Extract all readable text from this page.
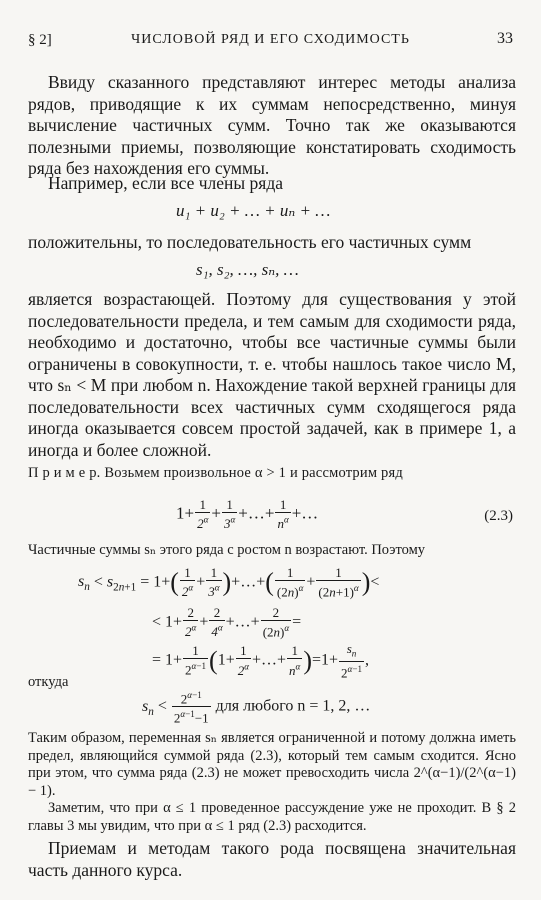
§ 2]	ЧИСЛОВОЙ РЯД И ЕГО СХОДИМОСТЬ	33

Ввиду сказанного представляют интерес методы анализа рядов, приводящие к их суммам непосредственно, минуя вычисление частичных сумм. Точно так же оказываются полезными приемы, позволяющие констатировать сходимость ряда без нахождения его суммы.

Например, если все члены ряда

u₁ + u₂ + … + uₙ + …

положительны, то последовательность его частичных сумм

s₁, s₂, …, sₙ, …

является возрастающей. Поэтому для существования у этой последовательности предела, и тем самым для сходимости ряда, необходимо и достаточно, чтобы все частичные суммы были ограничены в совокупности, т. е. чтобы нашлось такое число M, что sₙ < M при любом n. Нахождение такой верхней границы для последовательности всех частичных сумм сходящегося ряда иногда оказывается совсем простой задачей, как в примере 1, а иногда и более сложной.

П р и м е р. Возьмем произвольное α > 1 и рассмотрим ряд

$1+ \frac{1}{2^\alpha} + \frac{1}{3^\alpha}$ +…+ $\frac{1}{n^\alpha}$ +…	(2.3)

Частичные суммы sₙ этого ряда с ростом n возрастают. Поэтому

$s_n < s_{2n+1} = 1+( \frac{1}{2^\alpha} + \frac{1}{3^\alpha}$ )+…+( $\frac{1}{(2n)^\alpha} + \frac{1}{(2n+1)^\alpha}$ )<
< $1+ \frac{2}{2^\alpha} + \frac{2}{4^\alpha}$ +…+ $\frac{2}{(2n)^\alpha}$ =
= $1+ \frac{1}{2^{\alpha-1}} (1+ \frac{1}{2^\alpha}$ +…+ $\frac{1}{n^\alpha} )=1+ \frac{s_n}{2^{\alpha-1}}$ ,

откуда

$s_n < \frac{2^{\alpha-1}}{2^{\alpha-1}-1}$ для любого n = 1, 2, …

Таким образом, переменная sₙ является ограниченной и потому должна иметь предел, являющийся суммой ряда (2.3), который тем самым сходится. Ясно при этом, что сумма ряда (2.3) не может превосходить числа 2^(α−1)/(2^(α−1) − 1).

Заметим, что при α ≤ 1 проведенное рассуждение уже не проходит. В § 2 главы 3 мы увидим, что при α ≤ 1 ряд (2.3) расходится.

Приемам и методам такого рода посвящена значительная часть данного курса.
